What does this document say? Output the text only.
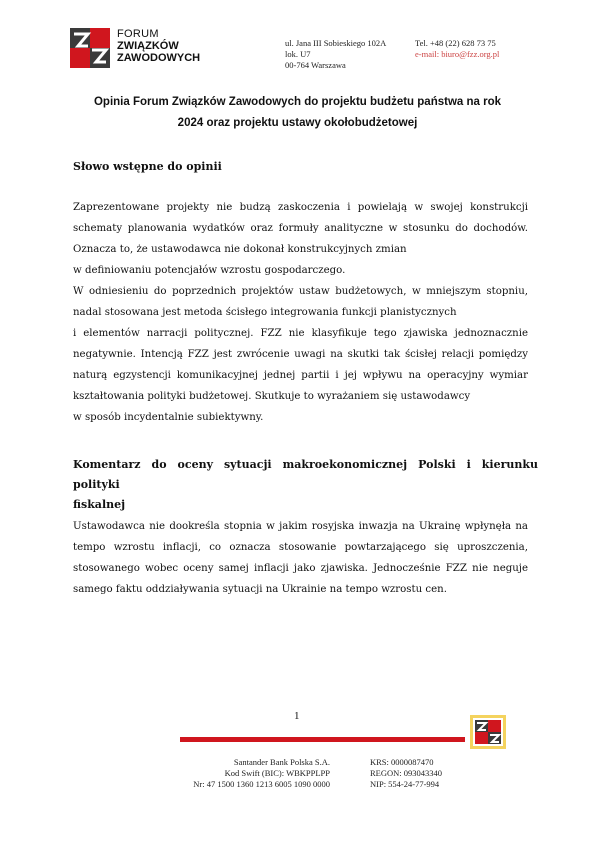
FORUM
ZWIĄZKÓW
ZAWODOWYCH
ul. Jana III Sobieskiego 102A
lok. U7
00-764 Warszawa
Tel. +48 (22) 628 73 75
e-mail: biuro@fzz.org.pl
Opinia Forum Związków Zawodowych do projektu budżetu państwa na rok
2024 oraz projektu ustawy okołobudżetowej
Słowo wstępne do opinii
Zaprezentowane projekty nie budzą zaskoczenia i powielają w swojej konstrukcji
schematy planowania wydatków oraz formuły analityczne w stosunku do dochodów.
Oznacza to, że ustawodawca nie dokonał konstrukcyjnych zmian
w definiowaniu potencjałów wzrostu gospodarczego.
W odniesieniu do poprzednich projektów ustaw budżetowych, w mniejszym stopniu,
nadal stosowana jest metoda ścisłego integrowania funkcji planistycznych
i elementów narracji politycznej. FZZ nie klasyfikuje tego zjawiska jednoznacznie
negatywnie. Intencją FZZ jest zwrócenie uwagi na skutki tak ścisłej relacji pomiędzy
naturą egzystencji komunikacyjnej jednej partii i jej wpływu na operacyjny wymiar
kształtowania polityki budżetowej. Skutkuje to wyrażaniem się ustawodawcy
w sposób incydentalnie subiektywny.
Komentarz do oceny sytuacji makroekonomicznej Polski i kierunku polityki
fiskalnej
Ustawodawca nie dookreśla stopnia w jakim rosyjska inwazja na Ukrainę wpłynęła na
tempo wzrostu inflacji, co oznacza stosowanie powtarzającego się uproszczenia,
stosowanego wobec oceny samej inflacji jako zjawiska. Jednocześnie FZZ nie neguje
samego faktu oddziaływania sytuacji na Ukrainie na tempo wzrostu cen.
1
Santander Bank Polska S.A.
Kod Swift (BIC): WBKPPLPP
Nr: 47 1500 1360 1213 6005 1090 0000
KRS: 0000087470
REGON: 093043340
NIP: 554-24-77-994
